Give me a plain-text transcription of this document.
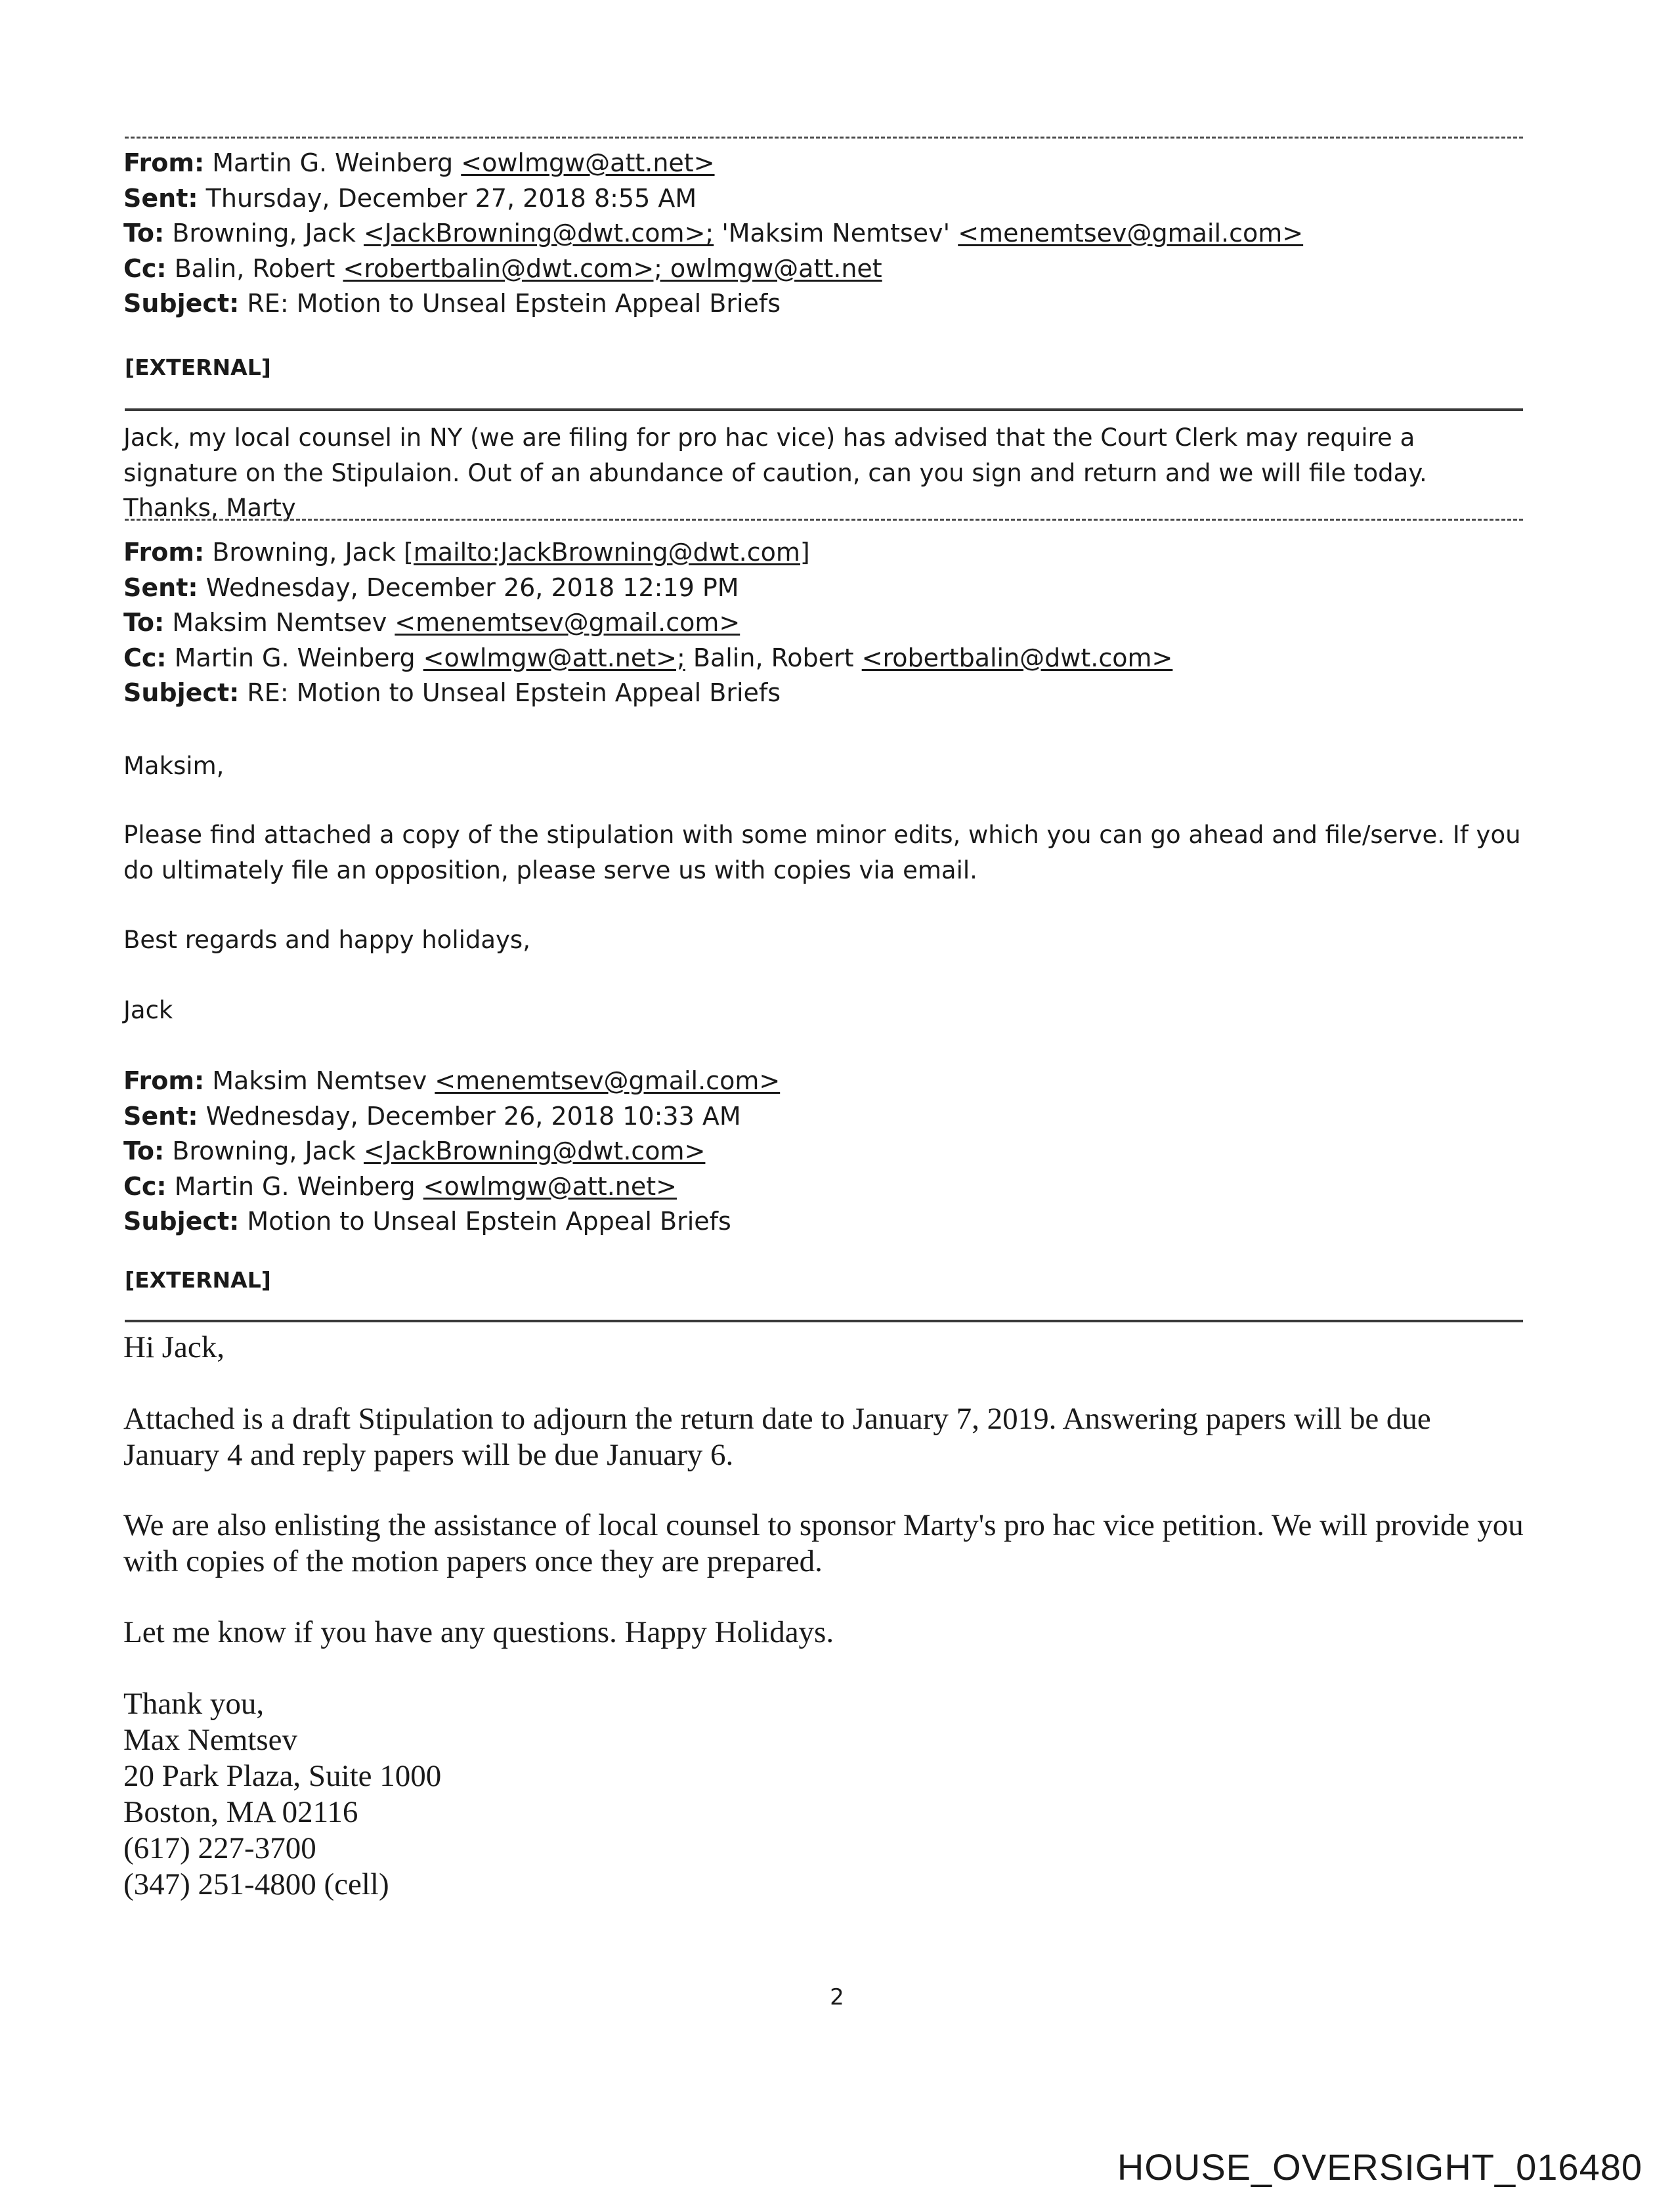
From: Martin G. Weinberg <owlmgw@att.net>
Sent: Thursday, December 27, 2018 8:55 AM
To: Browning, Jack <JackBrowning@dwt.com>; 'Maksim Nemtsev' <menemtsev@gmail.com>
Cc: Balin, Robert <robertbalin@dwt.com>; owlmgw@att.net
Subject: RE: Motion to Unseal Epstein Appeal Briefs
[EXTERNAL]
Jack, my local counsel in NY (we are filing for pro hac vice) has advised that the Court Clerk may require a signature on the Stipulaion. Out of an abundance of caution, can you sign and return and we will file today. Thanks, Marty
From: Browning, Jack [mailto:JackBrowning@dwt.com]
Sent: Wednesday, December 26, 2018 12:19 PM
To: Maksim Nemtsev <menemtsev@gmail.com>
Cc: Martin G. Weinberg <owlmgw@att.net>; Balin, Robert <robertbalin@dwt.com>
Subject: RE: Motion to Unseal Epstein Appeal Briefs
Maksim,
Please find attached a copy of the stipulation with some minor edits, which you can go ahead and file/serve. If you do ultimately file an opposition, please serve us with copies via email.
Best regards and happy holidays,
Jack
From: Maksim Nemtsev <menemtsev@gmail.com>
Sent: Wednesday, December 26, 2018 10:33 AM
To: Browning, Jack <JackBrowning@dwt.com>
Cc: Martin G. Weinberg <owlmgw@att.net>
Subject: Motion to Unseal Epstein Appeal Briefs
[EXTERNAL]
Hi Jack,
Attached is a draft Stipulation to adjourn the return date to January 7, 2019. Answering papers will be due January 4 and reply papers will be due January 6.
We are also enlisting the assistance of local counsel to sponsor Marty's pro hac vice petition. We will provide you with copies of the motion papers once they are prepared.
Let me know if you have any questions. Happy Holidays.

Thank you,

Max Nemtsev

20 Park Plaza, Suite 1000

Boston, MA 02116

(617) 227-3700

(347) 251-4800 (cell)

2
HOUSE_OVERSIGHT_016480
